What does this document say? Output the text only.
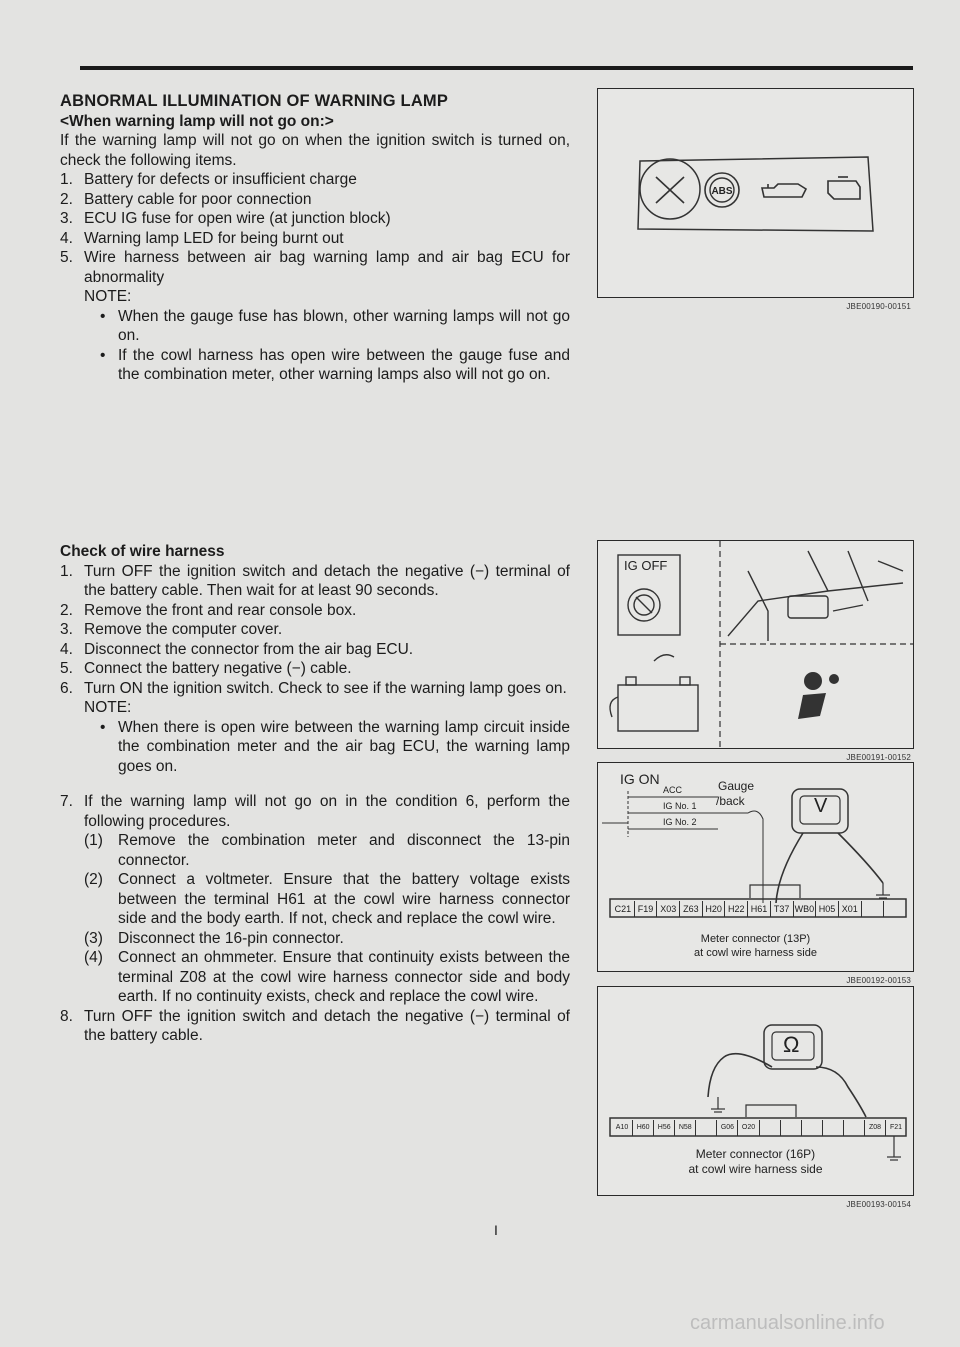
ABNORMAL ILLUMINATION OF WARNING LAMP
<When warning lamp will not go on:>

If the warning lamp will not go on when the ignition switch is turned on, check the following items.

1. Battery for defects or insufficient charge
2. Battery cable for poor connection
3. ECU IG fuse for open wire (at junction block)
4. Warning lamp LED for being burnt out
5. Wire harness between air bag warning lamp and air bag ECU for abnormality

NOTE:

• When the gauge fuse has blown, other warning lamps will not go on.
• If the cowl harness has open wire between the gauge fuse and the combination meter, other warning lamps also will not go on.
ABS
JBE00190-00151
Check of wire harness
1. Turn OFF the ignition switch and detach the negative (−) terminal of the battery cable. Then wait for at least 90 seconds.
2. Remove the front and rear console box.
3. Remove the computer cover.
4. Disconnect the connector from the air bag ECU.
5. Connect the battery negative (−) cable.
6. Turn ON the ignition switch. Check to see if the warning lamp goes on.

NOTE:

• When there is open wire between the warning lamp circuit inside the combination meter and the air bag ECU, the warning lamp goes on.
7. If the warning lamp will not go on in the condition 6, perform the following procedures.
(1) Remove the combination meter and disconnect the 13-pin connector.
(2) Connect a voltmeter. Ensure that the battery voltage exists between the terminal H61 at the cowl wire harness connector side and the body earth. If not, check and replace the cowl wire.
(3) Disconnect the 16-pin connector.
(4) Connect an ohmmeter. Ensure that continuity exists between the terminal Z08 at the cowl wire harness connector side and body earth. If no continuity exists, check and replace the cowl wire.
8. Turn OFF the ignition switch and detach the negative (−) terminal of the battery cable.
IG OFF
JBE00191-00152
IG ON
ACC
IG No. 1
IG No. 2
Gauge
/back	V
C21 F19 X03 Z63 H20 H22 H61 T37 WB0 H05 X01
Meter connector (13P)
at cowl wire harness side
JBE00192-00153
Ω
A10	H60	H56	N58	G06	O20	Z08	F21
Meter connector (16P)
at cowl wire harness side
JBE00193-00154
I
carmanualsonline.info
